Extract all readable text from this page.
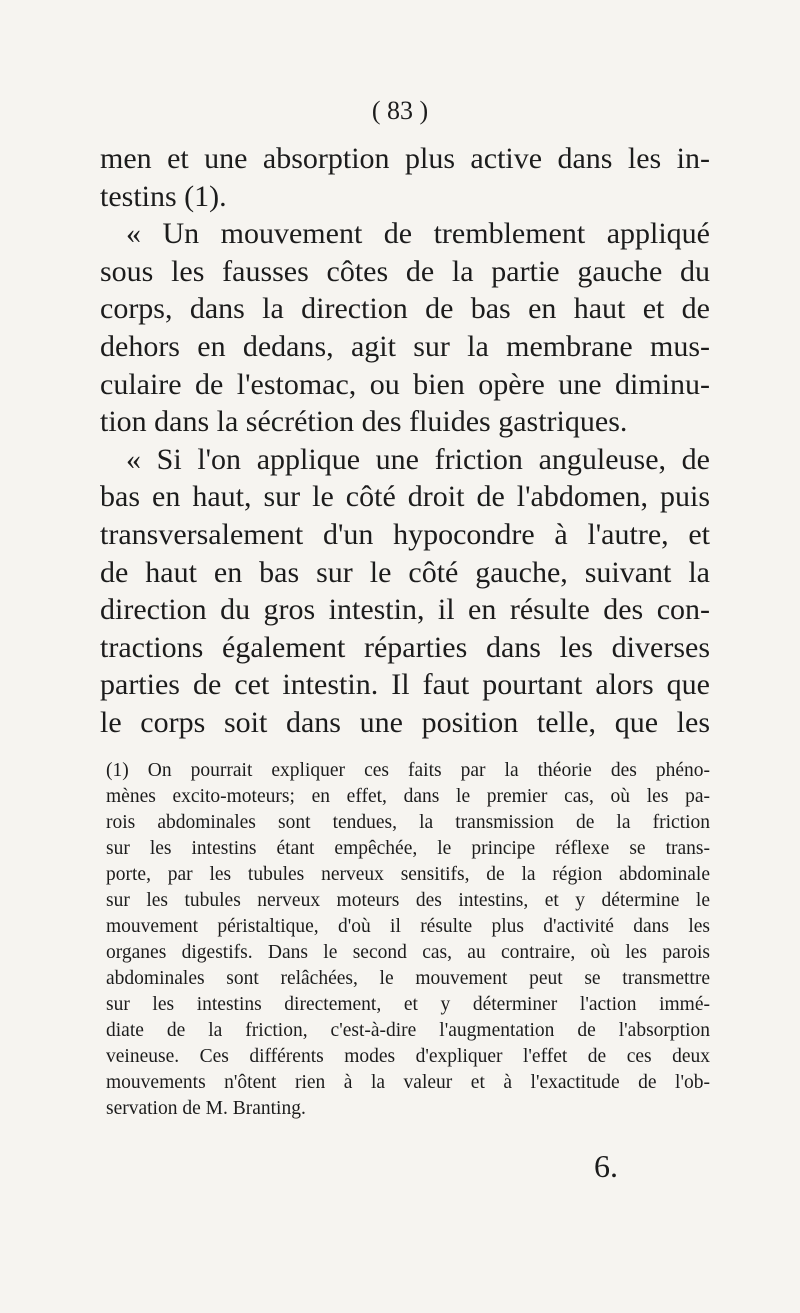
( 83 )
men et une absorption plus active dans les in-
testins (1).
« Un mouvement de tremblement appliqué
sous les fausses côtes de la partie gauche du
corps, dans la direction de bas en haut et de
dehors en dedans, agit sur la membrane mus-
culaire de l'estomac, ou bien opère une diminu-
tion dans la sécrétion des fluides gastriques.
« Si l'on applique une friction anguleuse, de
bas en haut, sur le côté droit de l'abdomen, puis
transversalement d'un hypocondre à l'autre, et
de haut en bas sur le côté gauche, suivant la
direction du gros intestin, il en résulte des con-
tractions également réparties dans les diverses
parties de cet intestin. Il faut pourtant alors que
le corps soit dans une position telle, que les
(1) On pourrait expliquer ces faits par la théorie des phéno-
mènes excito-moteurs; en effet, dans le premier cas, où les pa-
rois abdominales sont tendues, la transmission de la friction
sur les intestins étant empêchée, le principe réflexe se trans-
porte, par les tubules nerveux sensitifs, de la région abdominale
sur les tubules nerveux moteurs des intestins, et y détermine le
mouvement péristaltique, d'où il résulte plus d'activité dans les
organes digestifs. Dans le second cas, au contraire, où les parois
abdominales sont relâchées, le mouvement peut se transmettre
sur les intestins directement, et y déterminer l'action immé-
diate de la friction, c'est-à-dire l'augmentation de l'absorption
veineuse. Ces différents modes d'expliquer l'effet de ces deux
mouvements n'ôtent rien à la valeur et à l'exactitude de l'ob-
servation de M. Branting.
6.
